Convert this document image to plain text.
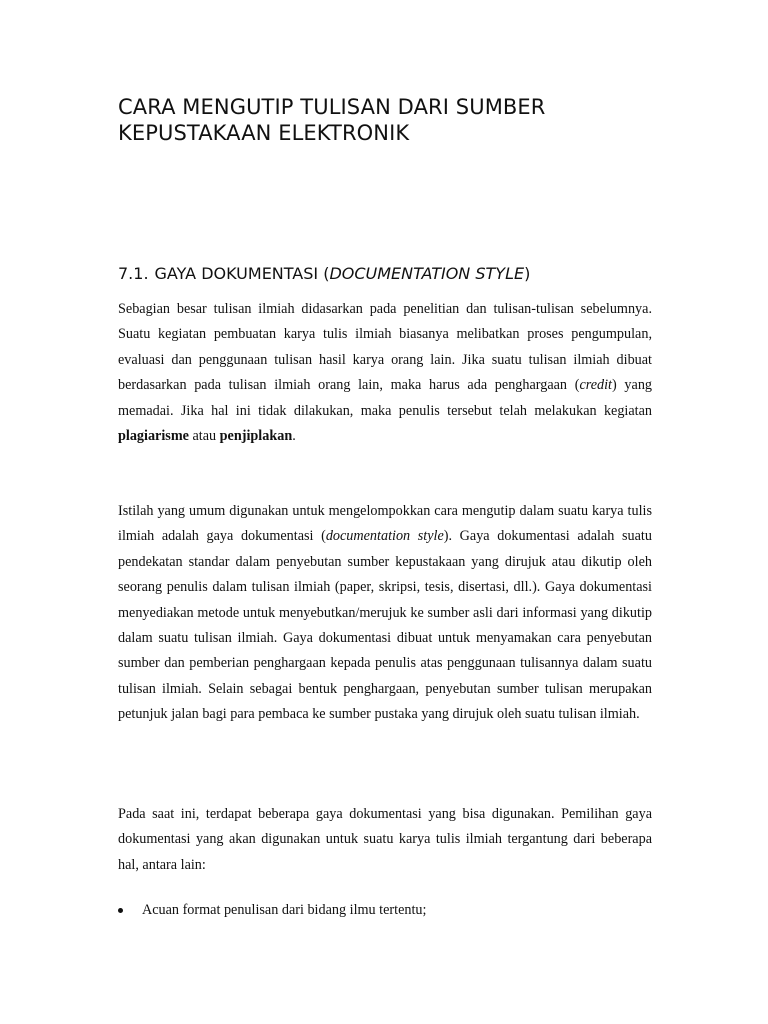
CARA MENGUTIP TULISAN DARI SUMBER
KEPUSTAKAAN ELEKTRONIK
7.1. GAYA DOKUMENTASI (DOCUMENTATION STYLE)

Sebagian besar tulisan ilmiah didasarkan pada penelitian dan tulisan-tulisan sebelumnya. Suatu kegiatan pembuatan karya tulis ilmiah biasanya melibatkan proses pengumpulan, evaluasi dan penggunaan tulisan hasil karya orang lain. Jika suatu tulisan ilmiah dibuat berdasarkan pada tulisan ilmiah orang lain, maka harus ada penghargaan (credit) yang memadai. Jika hal ini tidak dilakukan, maka penulis tersebut telah melakukan kegiatan plagiarisme atau penjiplakan.

Istilah yang umum digunakan untuk mengelompokkan cara mengutip dalam suatu karya tulis ilmiah adalah gaya dokumentasi (documentation style). Gaya dokumentasi adalah suatu pendekatan standar dalam penyebutan sumber kepustakaan yang dirujuk atau dikutip oleh seorang penulis dalam tulisan ilmiah (paper, skripsi, tesis, disertasi, dll.). Gaya dokumentasi menyediakan metode untuk menyebutkan/merujuk ke sumber asli dari informasi yang dikutip dalam suatu tulisan ilmiah. Gaya dokumentasi dibuat untuk menyamakan cara penyebutan sumber dan pemberian penghargaan kepada penulis atas penggunaan tulisannya dalam suatu tulisan ilmiah. Selain sebagai bentuk penghargaan, penyebutan sumber tulisan merupakan petunjuk jalan bagi para pembaca ke sumber pustaka yang dirujuk oleh suatu tulisan ilmiah.

Pada saat ini, terdapat beberapa gaya dokumentasi yang bisa digunakan. Pemilihan gaya dokumentasi yang akan digunakan untuk suatu karya tulis ilmiah tergantung dari beberapa hal, antara lain:

Acuan format penulisan dari bidang ilmu tertentu;
